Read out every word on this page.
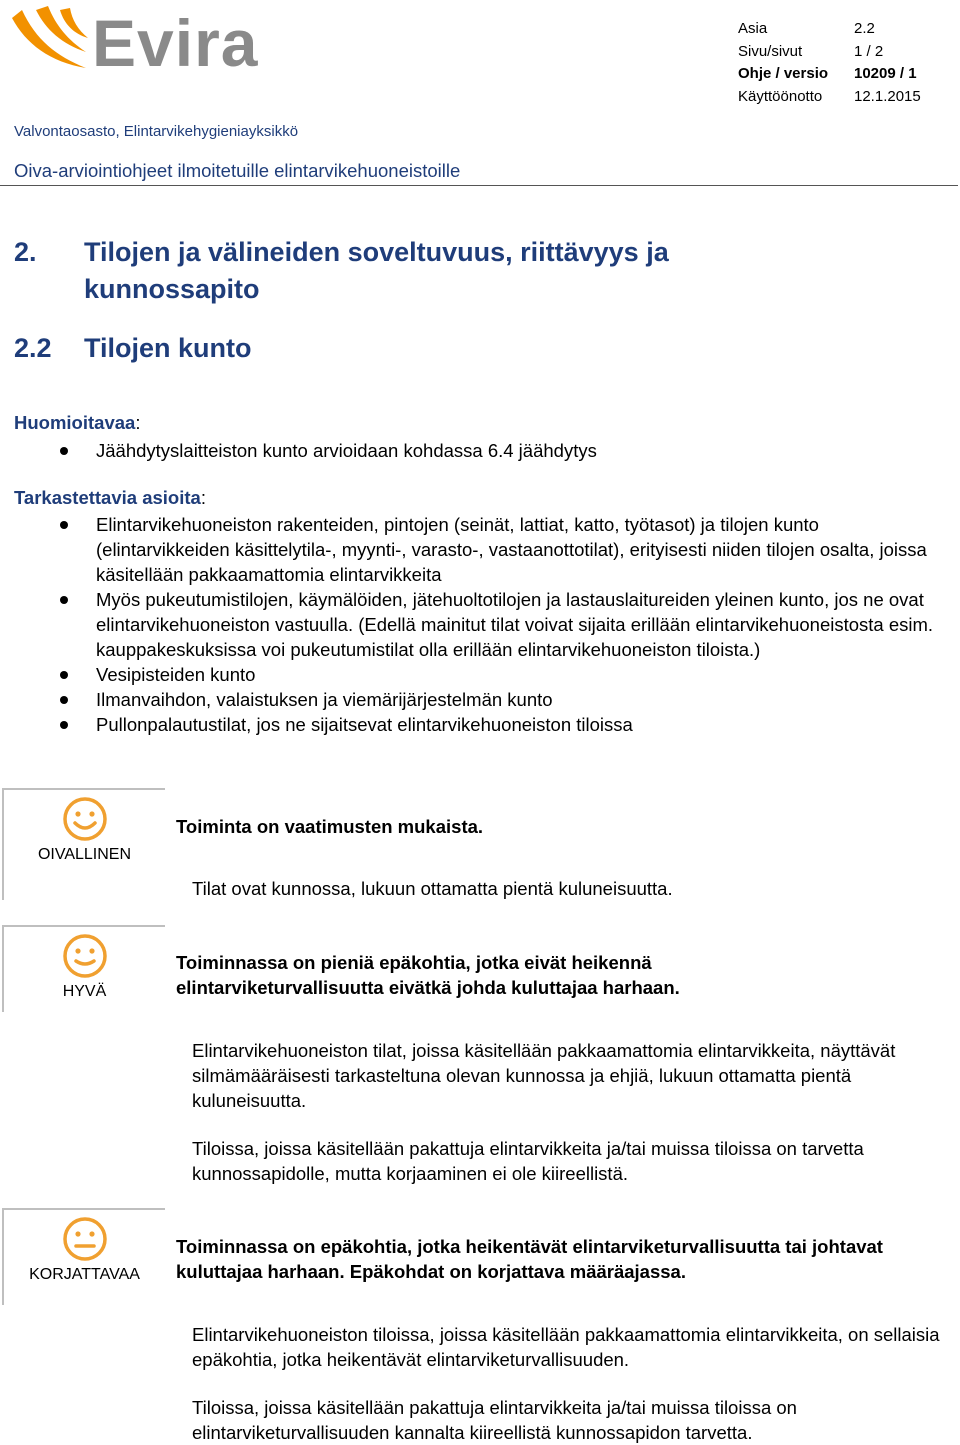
Evira	Asia	2.2
Sivu/sivut	1 / 2
Ohje / versio	10209 / 1
Käyttöönotto	12.1.2015
Valvontaosasto, Elintarvikehygieniayksikkö
Oiva-arviointiohjeet ilmoitetuille elintarvikehuoneistoille
2. Tilojen ja välineiden soveltuvuus, riittävyys ja kunnossapito
2.2 Tilojen kunto
Huomioitavaa:
Jäähdytyslaitteiston kunto arvioidaan kohdassa 6.4 jäähdytys
Tarkastettavia asioita:
Elintarvikehuoneiston rakenteiden, pintojen (seinät, lattiat, katto, työtasot) ja tilojen kunto (elintarvikkeiden käsittelytila-, myynti-, varasto-, vastaanottotilat), erityisesti niiden tilojen osalta, joissa käsitellään pakkaamattomia elintarvikkeita
Myös pukeutumistilojen, käymälöiden, jätehuoltotilojen ja lastauslaitureiden yleinen kunto, jos ne ovat elintarvikehuoneiston vastuulla. (Edellä mainitut tilat voivat sijaita erillään elintarvikehuoneistosta esim. kauppakeskuksissa voi pukeutumistilat olla erillään elintarvikehuoneiston tiloista.)
Vesipisteiden kunto
Ilmanvaihdon, valaistuksen ja viemärijärjestelmän kunto
Pullonpalautustilat, jos ne sijaitsevat elintarvikehuoneiston tiloissa
OIVALLINEN
Toiminta on vaatimusten mukaista.
Tilat ovat kunnossa, lukuun ottamatta pientä kuluneisuutta.
HYVÄ
Toiminnassa on pieniä epäkohtia, jotka eivät heikennä elintarviketurvallisuutta eivätkä johda kuluttajaa harhaan.
Elintarvikehuoneiston tilat, joissa käsitellään pakkaamattomia elintarvikkeita, näyttävät silmämääräisesti tarkasteltuna olevan kunnossa ja ehjiä, lukuun ottamatta pientä kuluneisuutta.
Tiloissa, joissa käsitellään pakattuja elintarvikkeita ja/tai muissa tiloissa on tarvetta kunnossapidolle, mutta korjaaminen ei ole kiireellistä.
KORJATTAVAA
Toiminnassa on epäkohtia, jotka heikentävät elintarviketurvallisuutta tai johtavat kuluttajaa harhaan. Epäkohdat on korjattava määräajassa.
Elintarvikehuoneiston tiloissa, joissa käsitellään pakkaamattomia elintarvikkeita, on sellaisia epäkohtia, jotka heikentävät elintarviketurvallisuuden.
Tiloissa, joissa käsitellään pakattuja elintarvikkeita ja/tai muissa tiloissa on elintarviketurvallisuuden kannalta kiireellistä kunnossapidon tarvetta.
